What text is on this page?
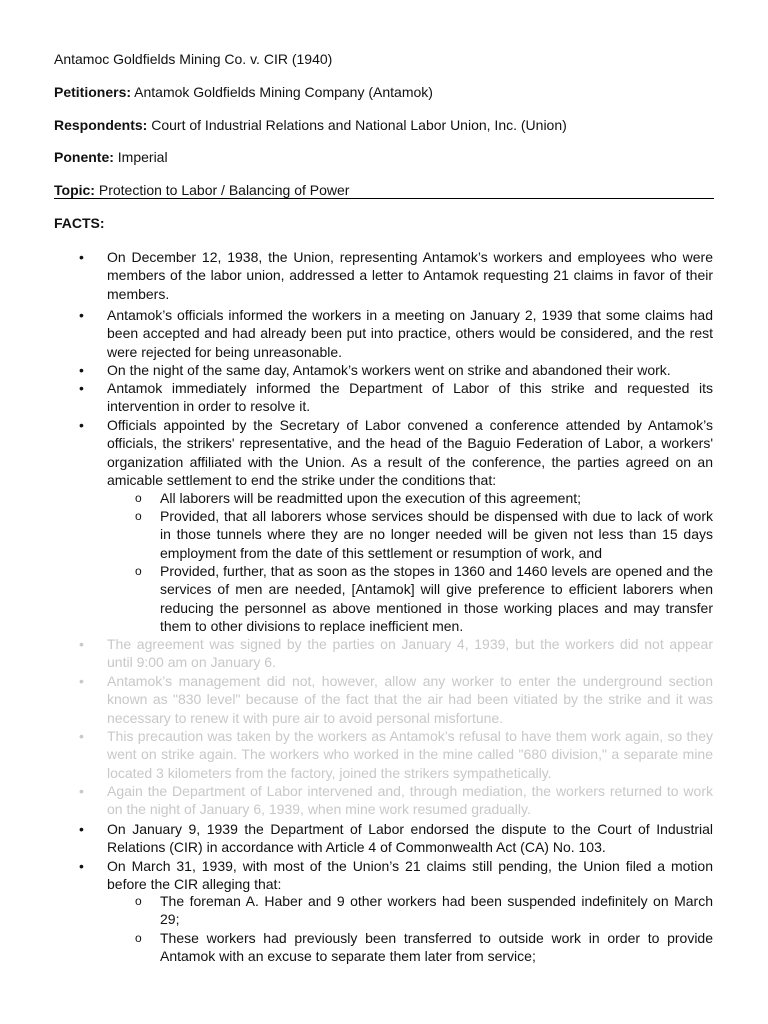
Antamoc Goldfields Mining Co. v. CIR (1940)
Petitioners: Antamok Goldfields Mining Company (Antamok)
Respondents: Court of Industrial Relations and National Labor Union, Inc. (Union)
Ponente: Imperial
Topic: Protection to Labor / Balancing of Power
FACTS:
• On December 12, 1938, the Union, representing Antamok’s workers and employees who were members of the labor union, addressed a letter to Antamok requesting 21 claims in favor of their members.
• Antamok’s officials informed the workers in a meeting on January 2, 1939 that some claims had been accepted and had already been put into practice, others would be considered, and the rest were rejected for being unreasonable.
• On the night of the same day, Antamok’s workers went on strike and abandoned their work.
• Antamok immediately informed the Department of Labor of this strike and requested its intervention in order to resolve it.
• Officials appointed by the Secretary of Labor convened a conference attended by Antamok’s officials, the strikers' representative, and the head of the Baguio Federation of Labor, a workers' organization affiliated with the Union. As a result of the conference, the parties agreed on an amicable settlement to end the strike under the conditions that:
o All laborers will be readmitted upon the execution of this agreement;
o Provided, that all laborers whose services should be dispensed with due to lack of work in those tunnels where they are no longer needed will be given not less than 15 days employment from the date of this settlement or resumption of work, and
o Provided, further, that as soon as the stopes in 1360 and 1460 levels are opened and the services of men are needed, [Antamok] will give preference to efficient laborers when reducing the personnel as above mentioned in those working places and may transfer them to other divisions to replace inefficient men.
• The agreement was signed by the parties on January 4, 1939, but the workers did not appear until 9:00 am on January 6.
• Antamok’s management did not, however, allow any worker to enter the underground section known as "830 level" because of the fact that the air had been vitiated by the strike and it was necessary to renew it with pure air to avoid personal misfortune.
• This precaution was taken by the workers as Antamok’s refusal to have them work again, so they went on strike again. The workers who worked in the mine called "680 division," a separate mine located 3 kilometers from the factory, joined the strikers sympathetically.
• Again the Department of Labor intervened and, through mediation, the workers returned to work on the night of January 6, 1939, when mine work resumed gradually.
• On January 9, 1939 the Department of Labor endorsed the dispute to the Court of Industrial Relations (CIR) in accordance with Article 4 of Commonwealth Act (CA) No. 103.
• On March 31, 1939, with most of the Union’s 21 claims still pending, the Union filed a motion before the CIR alleging that:
o The foreman A. Haber and 9 other workers had been suspended indefinitely on March 29;
o These workers had previously been transferred to outside work in order to provide Antamok with an excuse to separate them later from service;
